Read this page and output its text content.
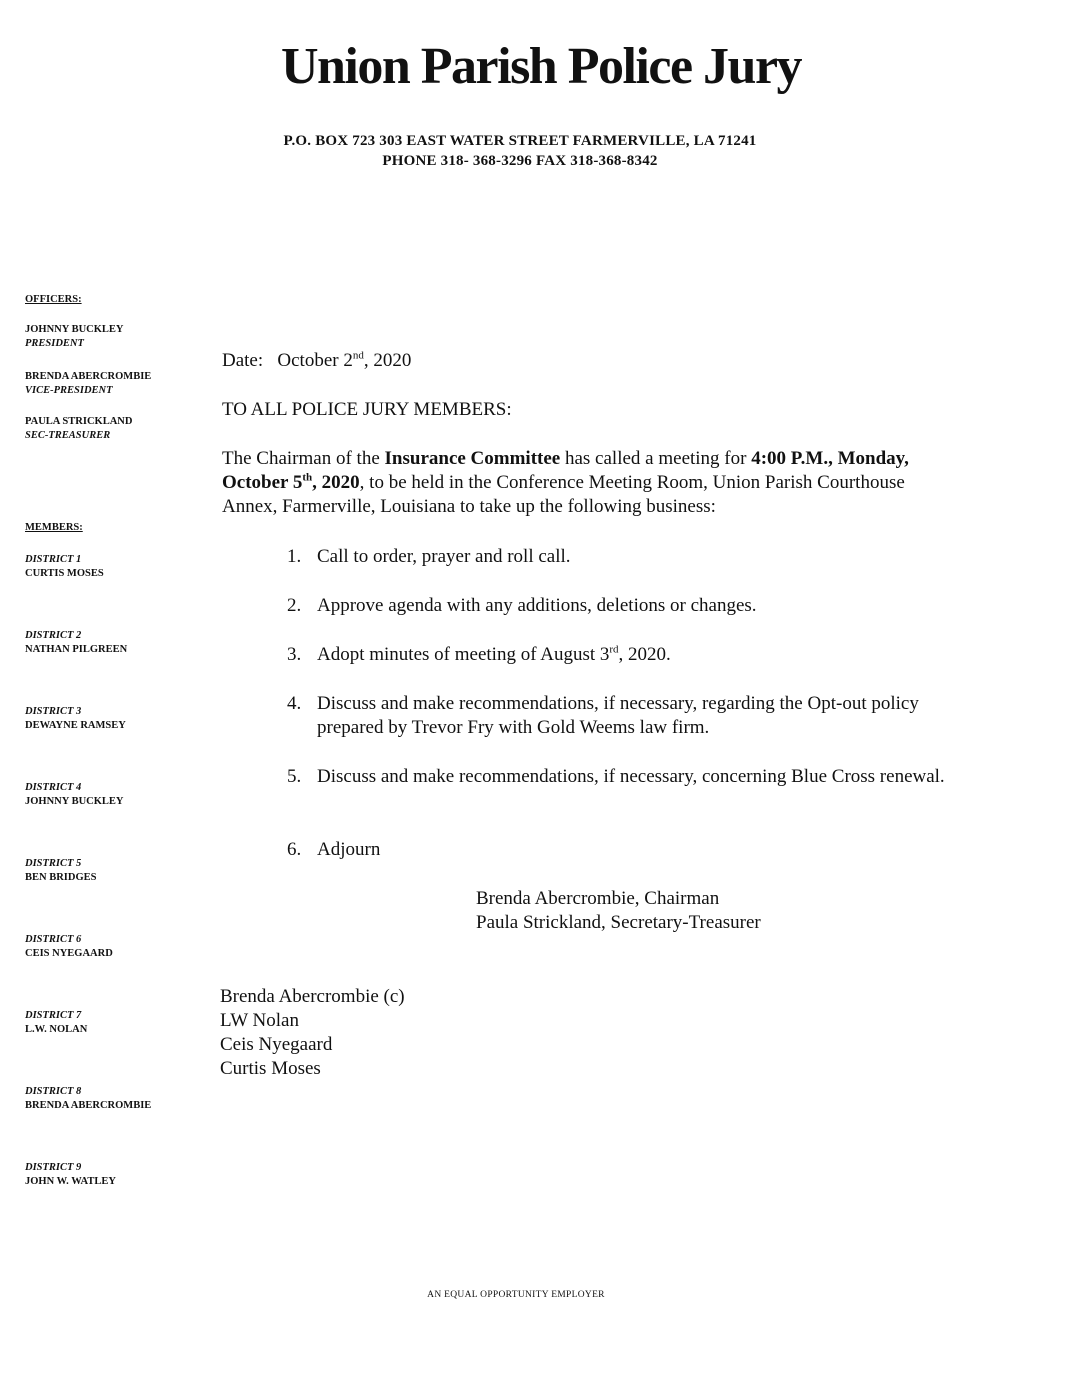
Union Parish Police Jury
P.O. BOX 723 303 EAST WATER STREET FARMERVILLE, LA 71241
PHONE 318- 368-3296 FAX 318-368-8342
OFFICERS:
JOHNNY BUCKLEY
PRESIDENT
BRENDA ABERCROMBIE
VICE-PRESIDENT
PAULA STRICKLAND
SEC-TREASURER
MEMBERS:
DISTRICT 1
CURTIS MOSES
DISTRICT 2
NATHAN PILGREEN
DISTRICT 3
DEWAYNE RAMSEY
DISTRICT 4
JOHNNY BUCKLEY
DISTRICT 5
BEN BRIDGES
DISTRICT 6
CEIS NYEGAARD
DISTRICT 7
L.W. NOLAN
DISTRICT 8
BRENDA ABERCROMBIE
DISTRICT 9
JOHN W. WATLEY
Date: October 2nd, 2020
TO ALL POLICE JURY MEMBERS:
The Chairman of the Insurance Committee has called a meeting for 4:00 P.M., Monday, October 5th, 2020, to be held in the Conference Meeting Room, Union Parish Courthouse Annex, Farmerville, Louisiana to take up the following business:
1. Call to order, prayer and roll call.
2. Approve agenda with any additions, deletions or changes.
3. Adopt minutes of meeting of August 3rd, 2020.
4. Discuss and make recommendations, if necessary, regarding the Opt-out policy prepared by Trevor Fry with Gold Weems law firm.
5. Discuss and make recommendations, if necessary, concerning Blue Cross renewal.
6. Adjourn
Brenda Abercrombie, Chairman
Paula Strickland, Secretary-Treasurer
Brenda Abercrombie (c)
LW Nolan
Ceis Nyegaard
Curtis Moses
AN EQUAL OPPORTUNITY EMPLOYER
